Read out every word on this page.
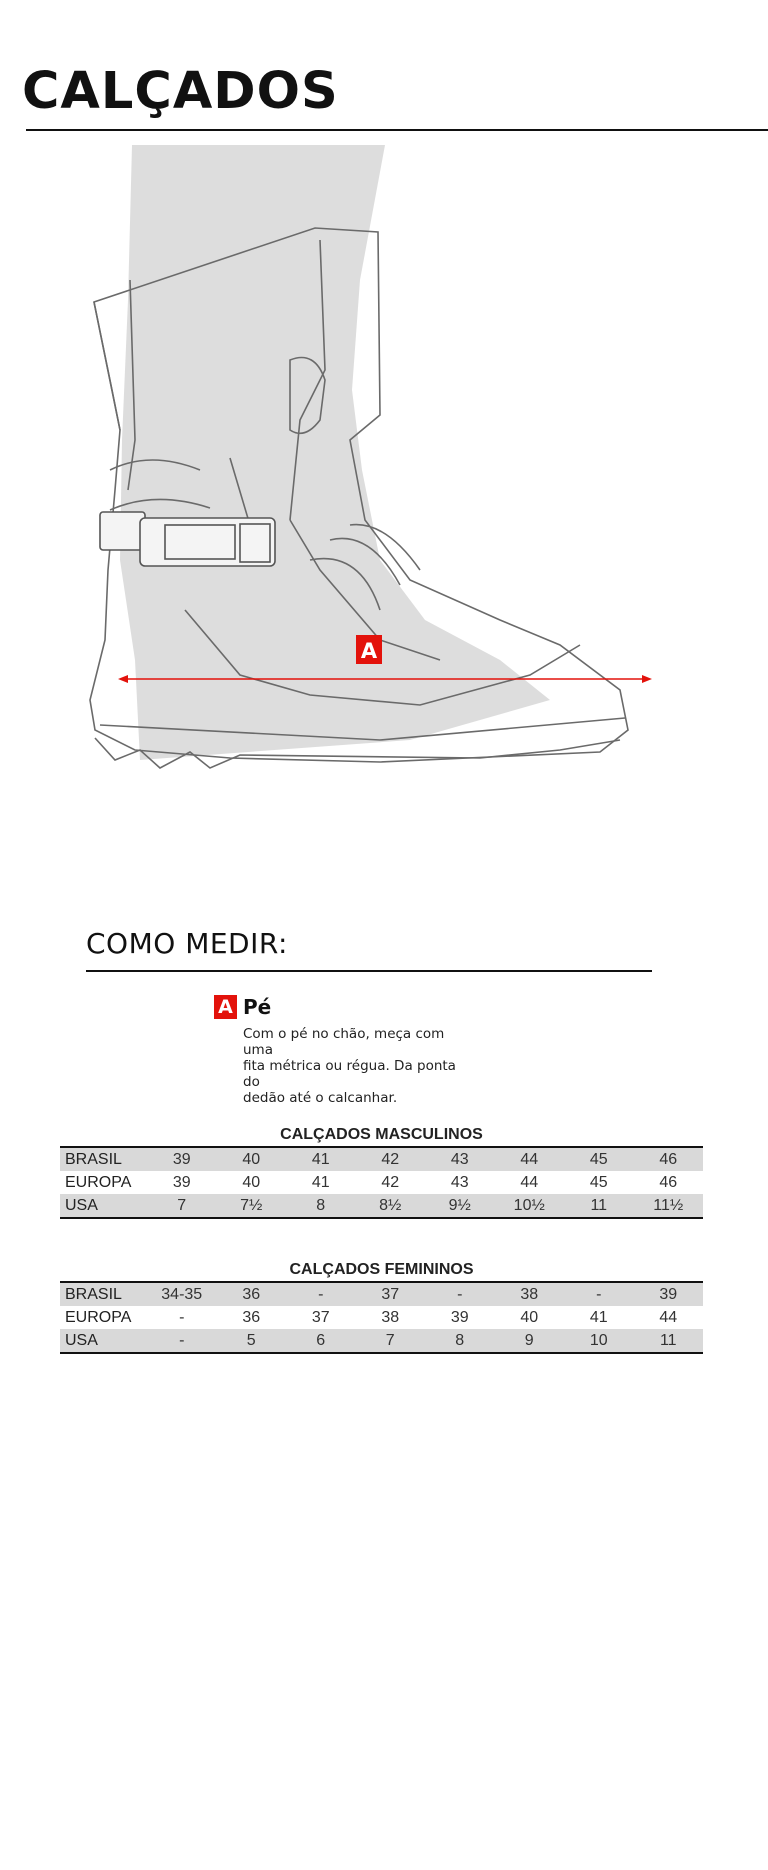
CALÇADOS
A
COMO MEDIR:
A Pé
Com o pé no chão, meça com uma
fita métrica ou régua. Da ponta do
dedão até o calcanhar.
CALÇADOS MASCULINOS
BRASIL	39	40	41	42	43	44	45	46
EUROPA	39	40	41	42	43	44	45	46
USA	7	7½	8	8½	9½	10½	11	11½
CALÇADOS FEMININOS
BRASIL	34-35	36	-	37	-	38	-	39
EUROPA	-	36	37	38	39	40	41	44
USA	-	5	6	7	8	9	10	11
